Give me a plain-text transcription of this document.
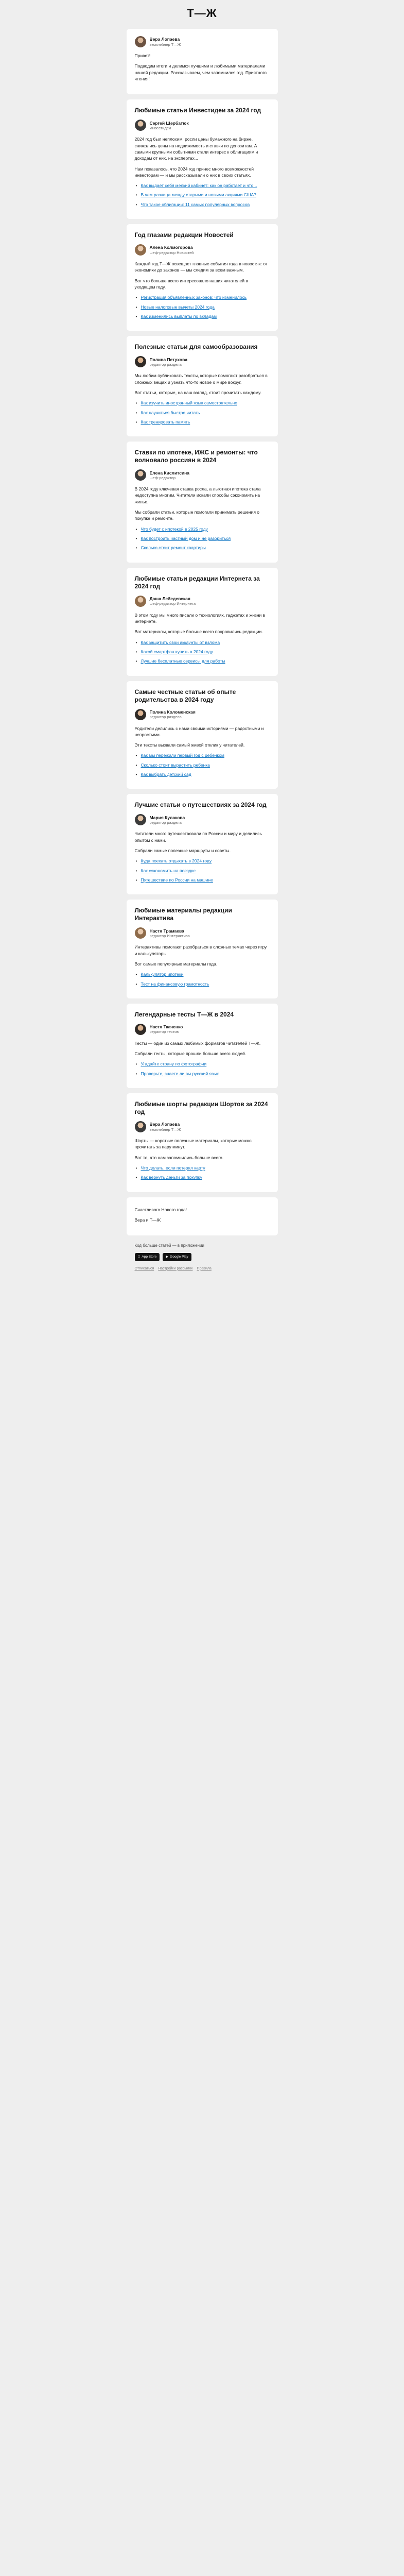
Т—Ж
Вера Лопаева
эксплейнер Т—Ж

Привет!

Подводим итоги и делимся лучшими и любимыми материалами нашей редакции. Рассказываем, чем запомнился год. Приятного чтения!

Любимые статьи Инвестидеи за 2024 год
Сергей Щербатюк
Инвестидеи

2024 год был неплохим: росли цены бумажного на бирже, снижались цены на недвижимость и ставки по депозитам. А самыми крупными событиями стали интерес к облигациям и доходам от них, на экспертах...

Нам показалось, что 2024 год принес много возможностей инвесторам — и мы рассказывали о них в своих статьях.

• Как выдает себя мелкий кабинет: как он работает и что...
• В чем разница между старыми и новыми акциями США?
• Что такое облигации: 11 самых популярных вопросов
Год глазами редакции Новостей
Алена Колмогорова
шеф-редактор Новостей

Каждый год Т—Ж освещает главные события года в новостях: от экономики до законов — мы следим за всем важным.

Вот что больше всего интересовало наших читателей в уходящем году.

• Регистрация объявленных законов: что изменилось
• Новые налоговые вычеты 2024 года
• Как изменились выплаты по вкладам
Полезные статьи для самообразования
Полина Петухова
редактор раздела

Мы любим публиковать тексты, которые помогают разобраться в сложных вещах и узнать что-то новое о мире вокруг.

Вот статьи, которые, на наш взгляд, стоит прочитать каждому.

• Как изучить иностранный язык самостоятельно
• Как научиться быстро читать
• Как тренировать память
Ставки по ипотеке, ИЖС и ремонты: что волновало россиян в 2024
Елена Кислитсина
шеф-редактор

В 2024 году ключевая ставка росла, а льготная ипотека стала недоступна многим. Читатели искали способы сэкономить на жилье.

Мы собрали статьи, которые помогали принимать решения о покупке и ремонте.

• Что будет с ипотекой в 2025 году
• Как построить частный дом и не разориться
• Сколько стоит ремонт квартиры
Любимые статьи редакции Интернета за 2024 год
Даша Лебедевская
шеф-редактор Интернета

В этом году мы много писали о технологиях, гаджетах и жизни в интернете.

Вот материалы, которые больше всего понравились редакции.

• Как защитить свои аккаунты от взлома
• Какой смартфон купить в 2024 году
• Лучшие бесплатные сервисы для работы
Самые честные статьи об опыте родительства в 2024 году
Полина Коломенская
редактор раздела

Родители делились с нами своими историями — радостными и непростыми.

Эти тексты вызвали самый живой отклик у читателей.

• Как мы пережили первый год с ребенком
• Сколько стоит вырастить ребенка
• Как выбрать детский сад
Лучшие статьи о путешествиях за 2024 год
Мария Кулакова
редактор раздела

Читатели много путешествовали по России и миру и делились опытом с нами.

Собрали самые полезные маршруты и советы.

• Куда поехать отдыхать в 2024 году
• Как сэкономить на поездке
• Путешествие по России на машине
Любимые материалы редакции Интерактива
Настя Трамаева
редактор Интерактива

Интерактивы помогают разобраться в сложных темах через игру и калькуляторы.

Вот самые популярные материалы года.

• Калькулятор ипотеки
• Тест на финансовую грамотность
Легендарные тесты Т—Ж в 2024
Настя Ткаченко
редактор тестов

Тесты — один из самых любимых форматов читателей Т—Ж.

Собрали тесты, которые прошли больше всего людей.

• Угадайте страну по фотографии
• Проверьте, знаете ли вы русский язык
Любимые шорты редакции Шортов за 2024 год
Вера Лопаева
эксплейнер Т—Ж

Шорты — короткие полезные материалы, которые можно прочитать за пару минут.

Вот те, что нам запомнились больше всего.

• Что делать, если потерял карту
• Как вернуть деньги за покупку

Счастливого Нового года!

Вера и Т—Ж

Код больше статей — в приложении
App Store	▶ Google Play
Отписаться Настройки рассылок Правила
